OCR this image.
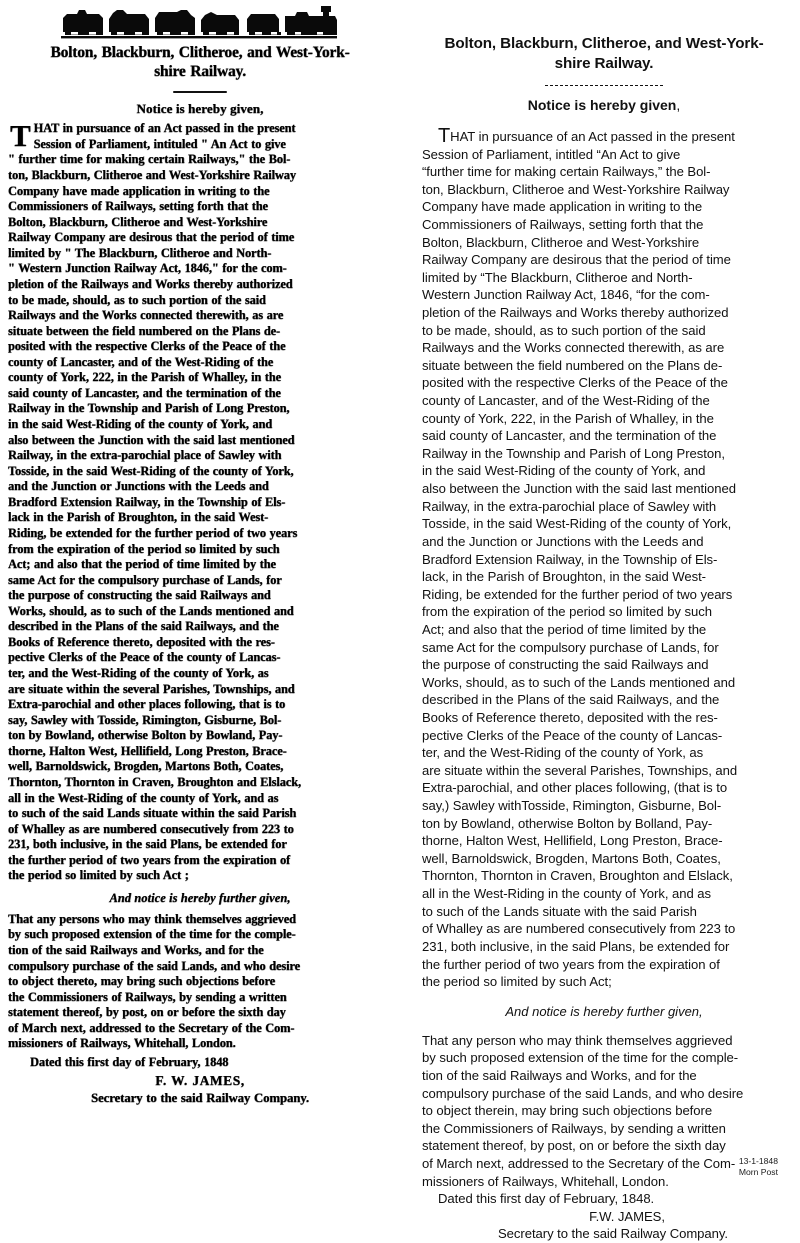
Bolton, Blackburn, Clitheroe, and West-York-
shire Railway.
Notice is hereby given,
T HAT in pursuance of an Act passed in the present
Session of Parliament, intituled " An Act to give
" further time for making certain Railways," the Bol-
ton, Blackburn, Clitheroe and West-Yorkshire Railway
Company have made application in writing to the
Commissioners of Railways, setting forth that the
Bolton, Blackburn, Clitheroe and West-Yorkshire
Railway Company are desirous that the period of time
limited by " The Blackburn, Clitheroe and North-
" Western Junction Railway Act, 1846," for the com-
pletion of the Railways and Works thereby authorized
to be made, should, as to such portion of the said
Railways and the Works connected therewith, as are
situate between the field numbered on the Plans de-
posited with the respective Clerks of the Peace of the
county of Lancaster, and of the West-Riding of the
county of York, 222, in the Parish of Whalley, in the
said county of Lancaster, and the termination of the
Railway in the Township and Parish of Long Preston,
in the said West-Riding of the county of York, and
also between the Junction with the said last mentioned
Railway, in the extra-parochial place of Sawley with
Tosside, in the said West-Riding of the county of York,
and the Junction or Junctions with the Leeds and
Bradford Extension Railway, in the Township of Els-
lack in the Parish of Broughton, in the said West-
Riding, be extended for the further period of two years
from the expiration of the period so limited by such
Act; and also that the period of time limited by the
same Act for the compulsory purchase of Lands, for
the purpose of constructing the said Railways and
Works, should, as to such of the Lands mentioned and
described in the Plans of the said Railways, and the
Books of Reference thereto, deposited with the res-
pective Clerks of the Peace of the county of Lancas-
ter, and the West-Riding of the county of York, as
are situate within the several Parishes, Townships, and
Extra-parochial and other places following, that is to
say, Sawley with Tosside, Rimington, Gisburne, Bol-
ton by Bowland, otherwise Bolton by Bowland, Pay-
thorne, Halton West, Hellifield, Long Preston, Brace-
well, Barnoldswick, Brogden, Martons Both, Coates,
Thornton, Thornton in Craven, Broughton and Elslack,
all in the West-Riding of the county of York, and as
to such of the said Lands situate within the said Parish
of Whalley as are numbered consecutively from 223 to
231, both inclusive, in the said Plans, be extended for
the further period of two years from the expiration of
the period so limited by such Act ;
And notice is hereby further given,
That any persons who may think themselves aggrieved
by such proposed extension of the time for the comple-
tion of the said Railways and Works, and for the
compulsory purchase of the said Lands, and who desire
to object thereto, may bring such objections before
the Commissioners of Railways, by sending a written
statement thereof, by post, on or before the sixth day
of March next, addressed to the Secretary of the Com-
missioners of Railways, Whitehall, London.
Dated this first day of February, 1848
F. W. JAMES,
Secretary to the said Railway Company.
Bolton, Blackburn, Clitheroe, and West-York-
shire Railway.
Notice is hereby given,
THAT in pursuance of an Act passed in the present
Session of Parliament, intitled “An Act to give
“further time for making certain Railways,” the Bol-
ton, Blackburn, Clitheroe and West-Yorkshire Railway
Company have made application in writing to the
Commissioners of Railways, setting forth that the
Bolton, Blackburn, Clitheroe and West-Yorkshire
Railway Company are desirous that the period of time
limited by “The Blackburn, Clitheroe and North-
Western Junction Railway Act, 1846, “for the com-
pletion of the Railways and Works thereby authorized
to be made, should, as to such portion of the said
Railways and the Works connected therewith, as are
situate between the field numbered on the Plans de-
posited with the respective Clerks of the Peace of the
county of Lancaster, and of the West-Riding of the
county of York, 222, in the Parish of Whalley, in the
said county of Lancaster, and the termination of the
Railway in the Township and Parish of Long Preston,
in the said West-Riding of the county of York, and
also between the Junction with the said last mentioned
Railway, in the extra-parochial place of Sawley with
Tosside, in the said West-Riding of the county of York,
and the Junction or Junctions with the Leeds and
Bradford Extension Railway, in the Township of Els-
lack, in the Parish of Broughton, in the said West-
Riding, be extended for the further period of two years
from the expiration of the period so limited by such
Act; and also that the period of time limited by the
same Act for the compulsory purchase of Lands, for
the purpose of constructing the said Railways and
Works, should, as to such of the Lands mentioned and
described in the Plans of the said Railways, and the
Books of Reference thereto, deposited with the res-
pective Clerks of the Peace of the county of Lancas-
ter, and the West-Riding of the county of York, as
are situate within the several Parishes, Townships, and
Extra-parochial, and other places following, (that is to
say,) Sawley withTosside, Rimington, Gisburne, Bol-
ton by Bowland, otherwise Bolton by Bolland, Pay-
thorne, Halton West, Hellifield, Long Preston, Brace-
well, Barnoldswick, Brogden, Martons Both, Coates,
Thornton, Thornton in Craven, Broughton and Elslack,
all in the West-Riding in the county of York, and as
to such of the Lands situate with the said Parish
of Whalley as are numbered consecutively from 223 to
231, both inclusive, in the said Plans, be extended for
the further period of two years from the expiration of
the period so limited by such Act;
And notice is hereby further given,
That any person who may think themselves aggrieved
by such proposed extension of the time for the comple-
tion of the said Railways and Works, and for the
compulsory purchase of the said Lands, and who desire
to object therein, may bring such objections before
the Commissioners of Railways, by sending a written
statement thereof, by post, on or before the sixth day
of March next, addressed to the Secretary of the Com-
missioners of Railways, Whitehall, London.
Dated this first day of February, 1848.
F.W. JAMES,
Secretary to the said Railway Company.
13-1-1848
Morn Post
